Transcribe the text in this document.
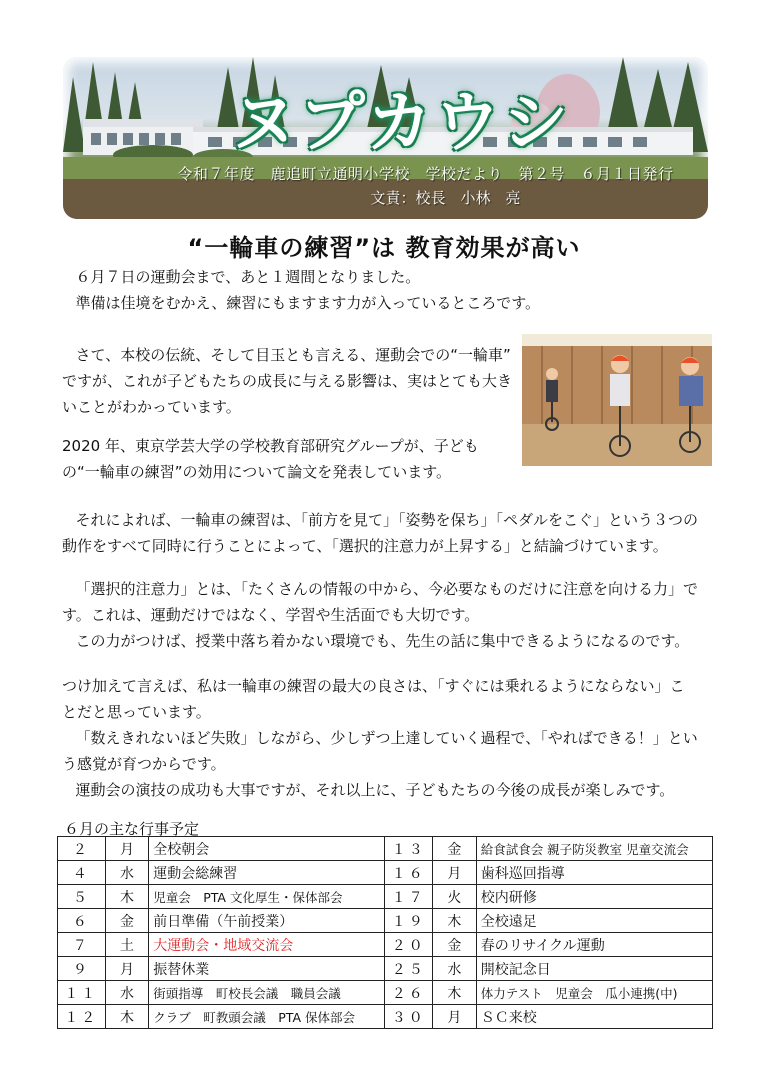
ヌプカウシ
令和７年度　鹿追町立通明小学校　学校だより　第２号　６月１日発行
文責：校長　小林　亮
“一輪車の練習”は 教育効果が高い
６月７日の運動会まで、あと１週間となりました。
準備は佳境をむかえ、練習にもますます力が入っているところです。
さて、本校の伝統、そして目玉とも言える、運動会での“一輪車”
ですが、これが子どもたちの成長に与える影響は、実はとても大き
いことがわかっています。
2020 年、東京学芸大学の学校教育部研究グループが、子ども
の“一輪車の練習”の効用について論文を発表しています。
それによれば、一輪車の練習は、「前方を見て」「姿勢を保ち」「ペダルをこぐ」という３つの
動作をすべて同時に行うことによって、「選択的注意力が上昇する」と結論づけています。
「選択的注意力」とは、「たくさんの情報の中から、今必要なものだけに注意を向ける力」で
す。これは、運動だけではなく、学習や生活面でも大切です。
この力がつけば、授業中落ち着かない環境でも、先生の話に集中できるようになるのです。
つけ加えて言えば、私は一輪車の練習の最大の良さは、「すぐには乗れるようにならない」こ
とだと思っています。
「数えきれないほど失敗」しながら、少しずつ上達していく過程で、「やればできる！」とい
う感覚が育つからです。
運動会の演技の成功も大事ですが、それ以上に、子どもたちの今後の成長が楽しみです。
６月の主な行事予定
２	月	全校朝会	１３	金	給食試食会 親子防災教室 児童交流会
４	水	運動会総練習	１６	月	歯科巡回指導
５	木	児童会　PTA 文化厚生・保体部会	１７	火	校内研修
６	金	前日準備（午前授業）	１９	木	全校遠足
７	土	大運動会・地域交流会	２０	金	春のリサイクル運動
９	月	振替休業	２５	水	開校記念日
１１	水	街頭指導　町校長会議　職員会議	２６	木	体力テスト　児童会　瓜小連携(中)
１２	木	クラブ　町教頭会議　PTA 保体部会	３０	月	ＳＣ来校
